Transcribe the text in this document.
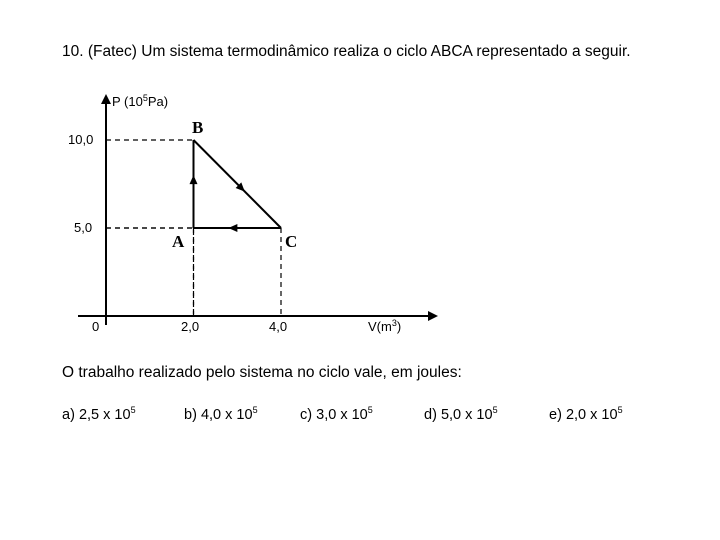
10. (Fatec) Um sistema termodinâmico realiza o ciclo ABCA representado a seguir.
P $(10^5Pa)$
$V(m^3)$
0
10,0
5,0
2,0	4,0
A
B
C
O trabalho realizado pelo sistema no ciclo vale, em joules:
a) 2,5 x $10^5$	b) 4,0 x $10^5$	c) 3,0 x $10^5$	d) 5,0 x $10^5$	e) 2,0 x $10^5$
